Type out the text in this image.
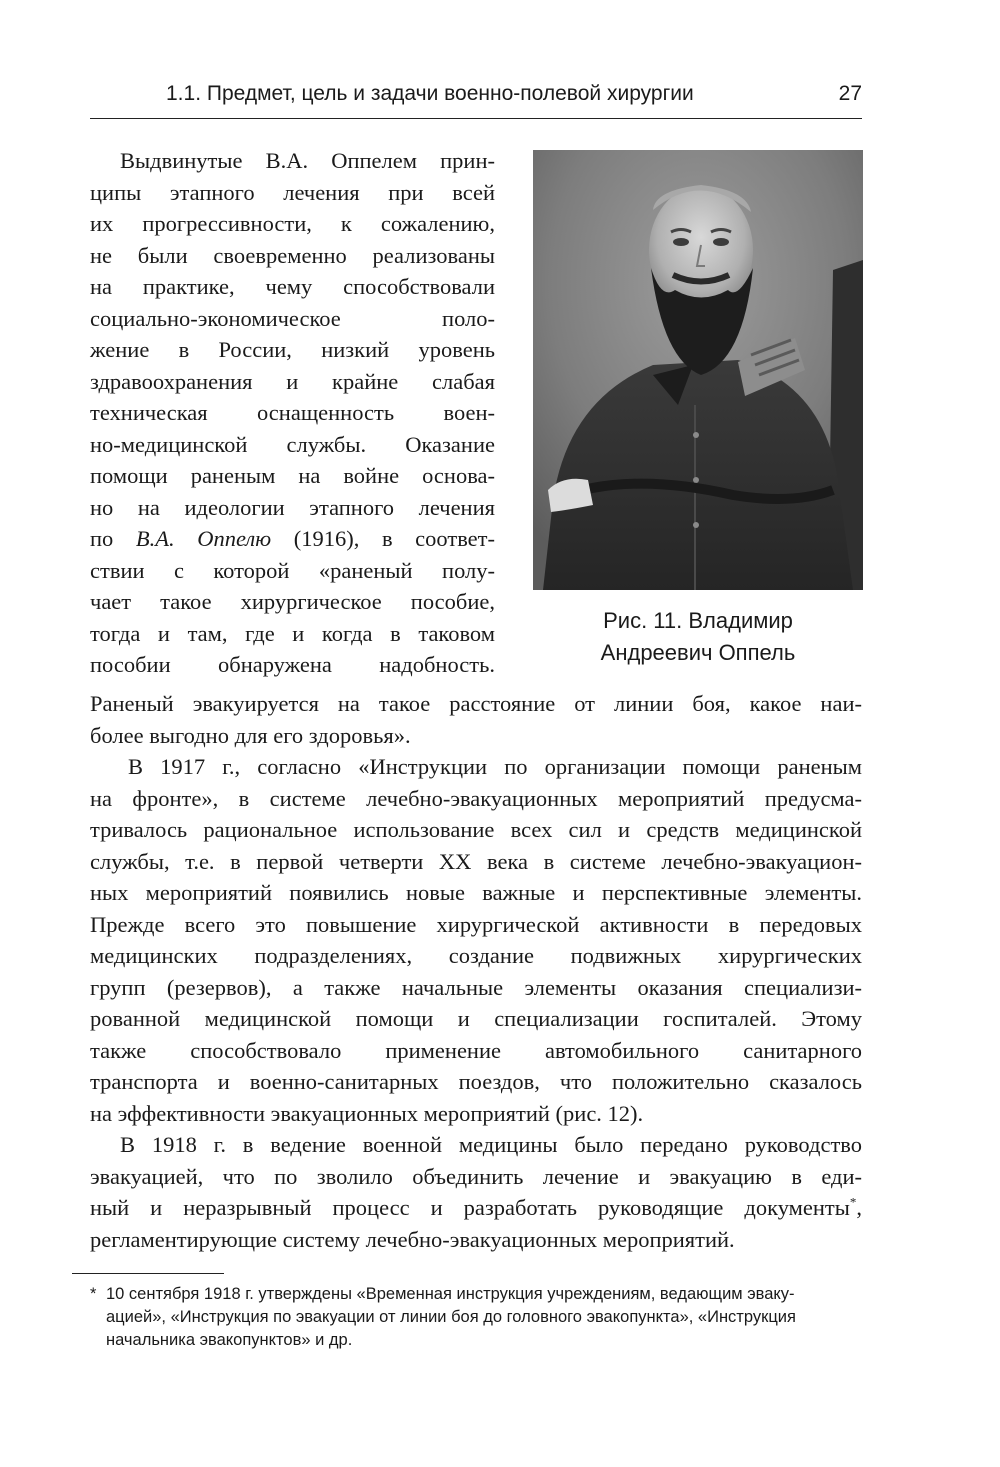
1.1. Предмет, цель и задачи военно-полевой хирургии	27
Выдвинутые В.А. Оппелем прин-
ципы этапного лечения при всей
их прогрессивности, к сожалению,
не были своевременно реализованы
на практике, чему способствовали
социально-экономическое поло-
жение в России, низкий уровень
здравоохранения и крайне слабая
техническая оснащенность воен-
но-медицинской службы. Оказание
помощи раненым на войне основа-
но на идеологии этапного лечения
по В.А. Оппелю (1916), в соответ-
ствии с которой «раненый полу-
чает такое хирургическое пособие,
тогда и там, где и когда в таковом
пособии обнаружена надобность.
Рис. 11. Владимир
Андреевич Оппель
Раненый эвакуируется на такое расстояние от линии боя, какое наи-
более выгодно для его здоровья».
В 1917 г., согласно «Инструкции по организации помощи раненым
на фронте», в системе лечебно-эвакуационных мероприятий предусма-
тривалось рациональное использование всех сил и средств медицинской
службы, т.е. в первой четверти XX века в системе лечебно-эвакуацион-
ных мероприятий появились новые важные и перспективные элементы.
Прежде всего это повышение хирургической активности в передовых
медицинских подразделениях, создание подвижных хирургических
групп (резервов), а также начальные элементы оказания специализи-
рованной медицинской помощи и специализации госпиталей. Этому
также способствовало применение автомобильного санитарного
транспорта и военно-санитарных поездов, что положительно сказалось
на эффективности эвакуационных мероприятий (рис. 12).
В 1918 г. в ведение военной медицины было передано руководство
эвакуацией, что по зволило объединить лечение и эвакуацию в еди-
ный и неразрывный процесс и разработать руководящие документы*,
регламентирующие систему лечебно-эвакуационных мероприятий.
* 10 сентября 1918 г. утверждены «Временная инструкция учреждениям, ведающим эваку-
ацией», «Инструкция по эвакуации от линии боя до головного эвакопункта», «Инструкция
начальника эвакопунктов» и др.
